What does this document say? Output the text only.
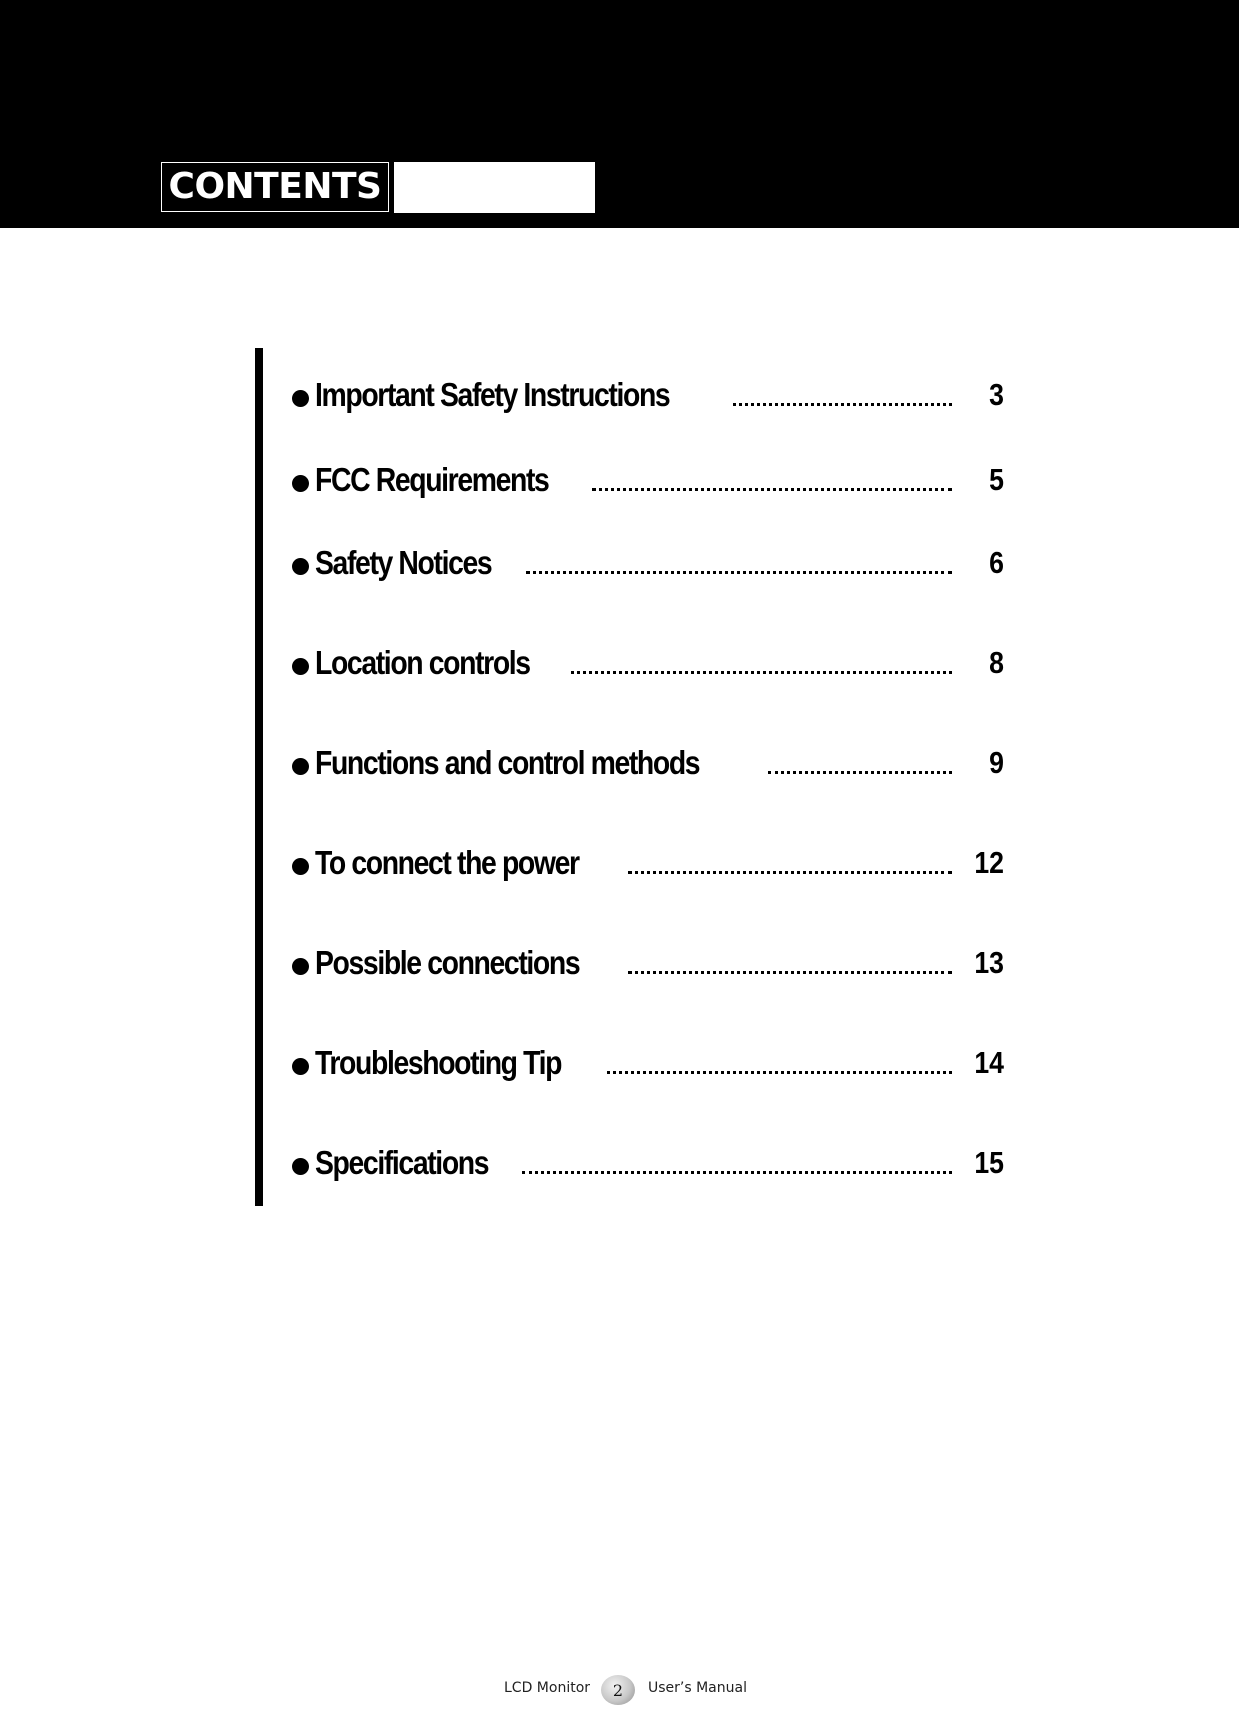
CONTENTS
Important Safety Instructions	3
FCC Requirements	5
Safety Notices	6
Location controls	8
Functions and control methods	9
To connect the power	12
Possible connections	13
Troubleshooting Tip	14
Specifications	15
LCD Monitor	2	User’s Manual
